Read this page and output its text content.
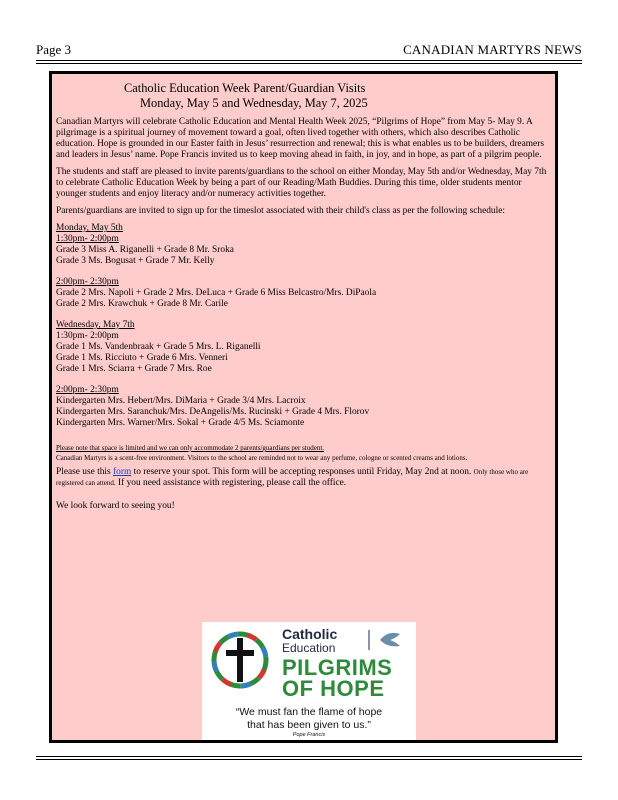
Page 3	CANADIAN MARTYRS NEWS
Catholic Education Week Parent/Guardian Visits
Monday, May 5 and Wednesday, May 7, 2025

Canadian Martyrs will celebrate Catholic Education and Mental Health Week 2025, “Pilgrims of Hope” from May 5- May 9. A pilgrimage is a spiritual journey of movement toward a goal, often lived together with others, which also describes Catholic education. Hope is grounded in our Easter faith in Jesus’ resurrection and renewal; this is what enables us to be builders, dreamers and leaders in Jesus’ name. Pope Francis invited us to keep moving ahead in faith, in joy, and in hope, as part of a pilgrim people.

The students and staff are pleased to invite parents/guardians to the school on either Monday, May 5th and/or Wednesday, May 7th to celebrate Catholic Education Week by being a part of our Reading/Math Buddies. During this time, older students mentor younger students and enjoy literacy and/or numeracy activities together.

Parents/guardians are invited to sign up for the timeslot associated with their child's class as per the following schedule:

Monday, May 5th
1:30pm- 2:00pm
Grade 3 Miss A. Riganelli + Grade 8 Mr. Sroka
Grade 3 Ms. Bogusat + Grade 7 Mr. Kelly
2:00pm- 2:30pm
Grade 2 Mrs. Napoli + Grade 2 Mrs. DeLuca + Grade 6 Miss Belcastro/Mrs. DiPaola
Grade 2 Mrs. Krawchuk + Grade 8 Mr. Carile
Wednesday, May 7th
1:30pm- 2:00pm
Grade 1 Ms. Vandenbraak + Grade 5 Mrs. L. Riganelli
Grade 1 Ms. Ricciuto + Grade 6 Mrs. Venneri
Grade 1 Mrs. Sciarra + Grade 7 Mrs. Roe
2:00pm- 2:30pm
Kindergarten Mrs. Hebert/Mrs. DiMaria + Grade 3/4 Mrs. Lacroix
Kindergarten Mrs. Saranchuk/Mrs. DeAngelis/Ms. Rucinski + Grade 4 Mrs. Florov
Kindergarten Mrs. Warner/Mrs. Sokal + Grade 4/5 Ms. Sciamonte
Please note that space is limited and we can only accommodate 2 parents/guardians per student.
Canadian Martyrs is a scent-free environment. Visitors to the school are reminded not to wear any perfume, cologne or scented creams and lotions.

Please use this form to reserve your spot. This form will be accepting responses until Friday, May 2nd at noon. Only those who are registered can attend. If you need assistance with registering, please call the office.

We look forward to seeing you!
Catholic
Education
PILGRIMS
OF HOPE
“We must fan the flame of hope
that has been given to us.”
Pope Francis
